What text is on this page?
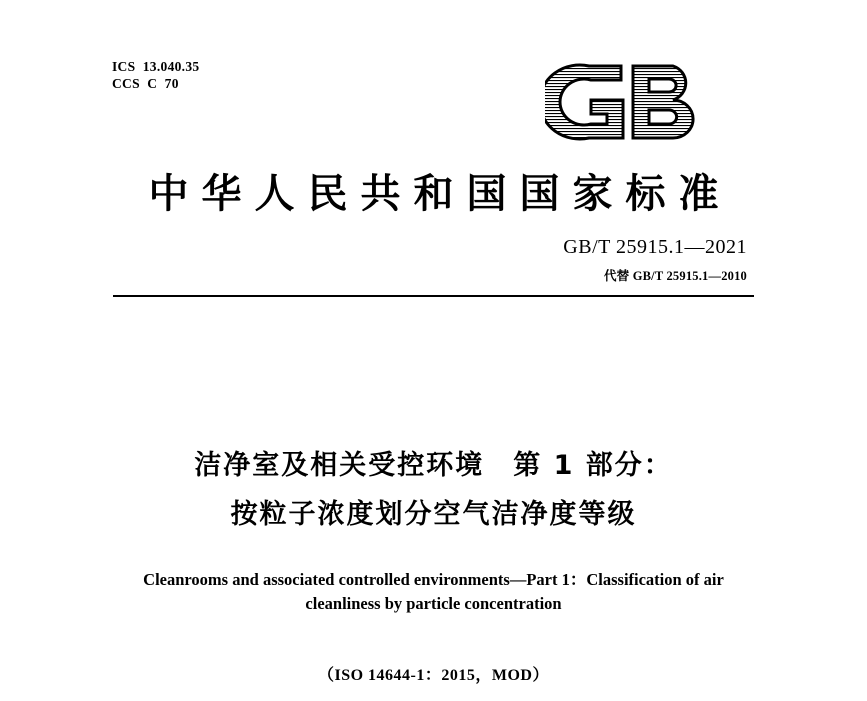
ICS  13.040.35
CCS  C  70
中华人民共和国国家标准
GB/T 25915.1—2021
代替 GB/T 25915.1—2010
洁净室及相关受控环境　第 1 部分：
按粒子浓度划分空气洁净度等级
Cleanrooms and associated controlled environments—Part 1：Classification of air
cleanliness by particle concentration
（ISO 14644-1：2015，MOD）
